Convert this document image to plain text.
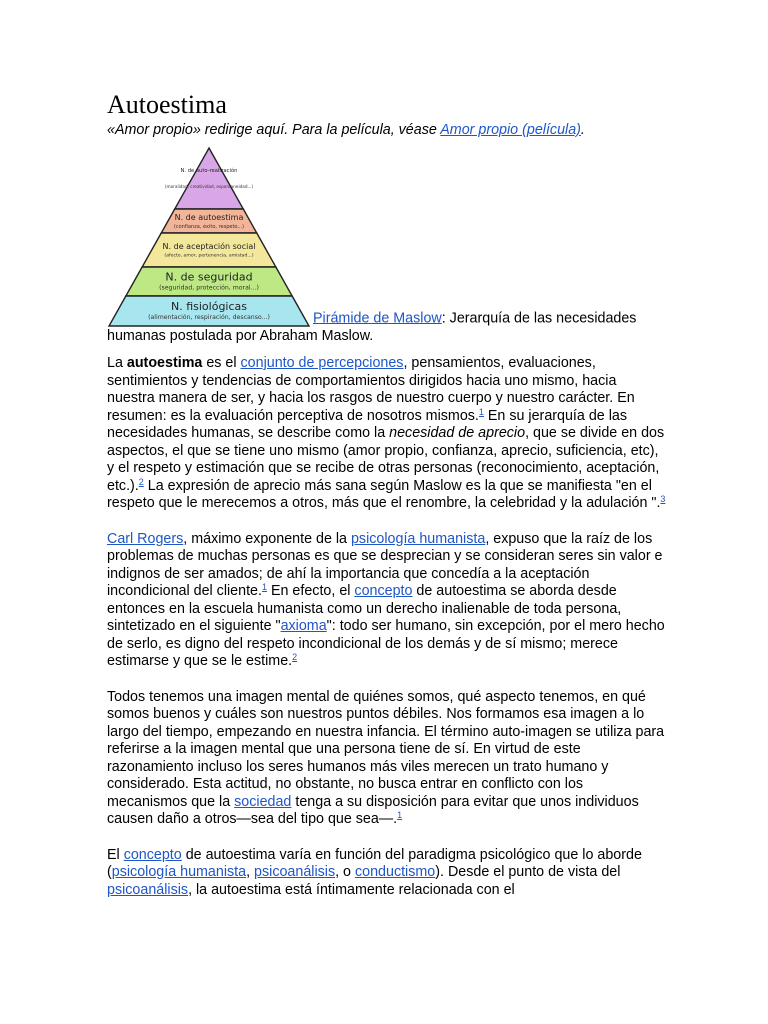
Autoestima
«Amor propio» redirige aquí. Para la película, véase Amor propio (película).
N. de auto-realización
(moralidad, creatividad, espontaneidad...)
N. de autoestima
(confianza, éxito, respeto...)
N. de aceptación social
(afecto, amor, pertenencia, amistad...)
N. de seguridad
(seguridad, protección, moral...)
N. fisiológicas
(alimentación, respiración, descanso...)	Pirámide de Maslow: Jerarquía de las necesidades humanas postulada por Abraham Maslow.

La autoestima es el conjunto de percepciones, pensamientos, evaluaciones, sentimientos y tendencias de comportamientos dirigidos hacia uno mismo, hacia nuestra manera de ser, y hacia los rasgos de nuestro cuerpo y nuestro carácter. En resumen: es la evaluación perceptiva de nosotros mismos.$^1$ En su jerarquía de las necesidades humanas, se describe como la necesidad de aprecio, que se divide en dos aspectos, el que se tiene uno mismo (amor propio, confianza, aprecio, suficiencia, etc), y el respeto y estimación que se recibe de otras personas (reconocimiento, aceptación, etc.).$^2$ La expresión de aprecio más sana según Maslow es la que se manifiesta "en el respeto que le merecemos a otros, más que el renombre, la celebridad y la adulación ".$^3$

Carl Rogers, máximo exponente de la psicología humanista, expuso que la raíz de los problemas de muchas personas es que se desprecian y se consideran seres sin valor e indignos de ser amados; de ahí la importancia que concedía a la aceptación incondicional del cliente.$^1$ En efecto, el concepto de autoestima se aborda desde entonces en la escuela humanista como un derecho inalienable de toda persona, sintetizado en el siguiente "axioma": todo ser humano, sin excepción, por el mero hecho de serlo, es digno del respeto incondicional de los demás y de sí mismo; merece estimarse y que se le estime.$^2$

Todos tenemos una imagen mental de quiénes somos, qué aspecto tenemos, en qué somos buenos y cuáles son nuestros puntos débiles. Nos formamos esa imagen a lo largo del tiempo, empezando en nuestra infancia. El término auto-imagen se utiliza para referirse a la imagen mental que una persona tiene de sí. En virtud de este razonamiento incluso los seres humanos más viles merecen un trato humano y considerado. Esta actitud, no obstante, no busca entrar en conflicto con los mecanismos que la sociedad tenga a su disposición para evitar que unos individuos causen daño a otros—sea del tipo que sea—.$^1$

El concepto de autoestima varía en función del paradigma psicológico que lo aborde (psicología humanista, psicoanálisis, o conductismo). Desde el punto de vista del psicoanálisis, la autoestima está íntimamente relacionada con el
